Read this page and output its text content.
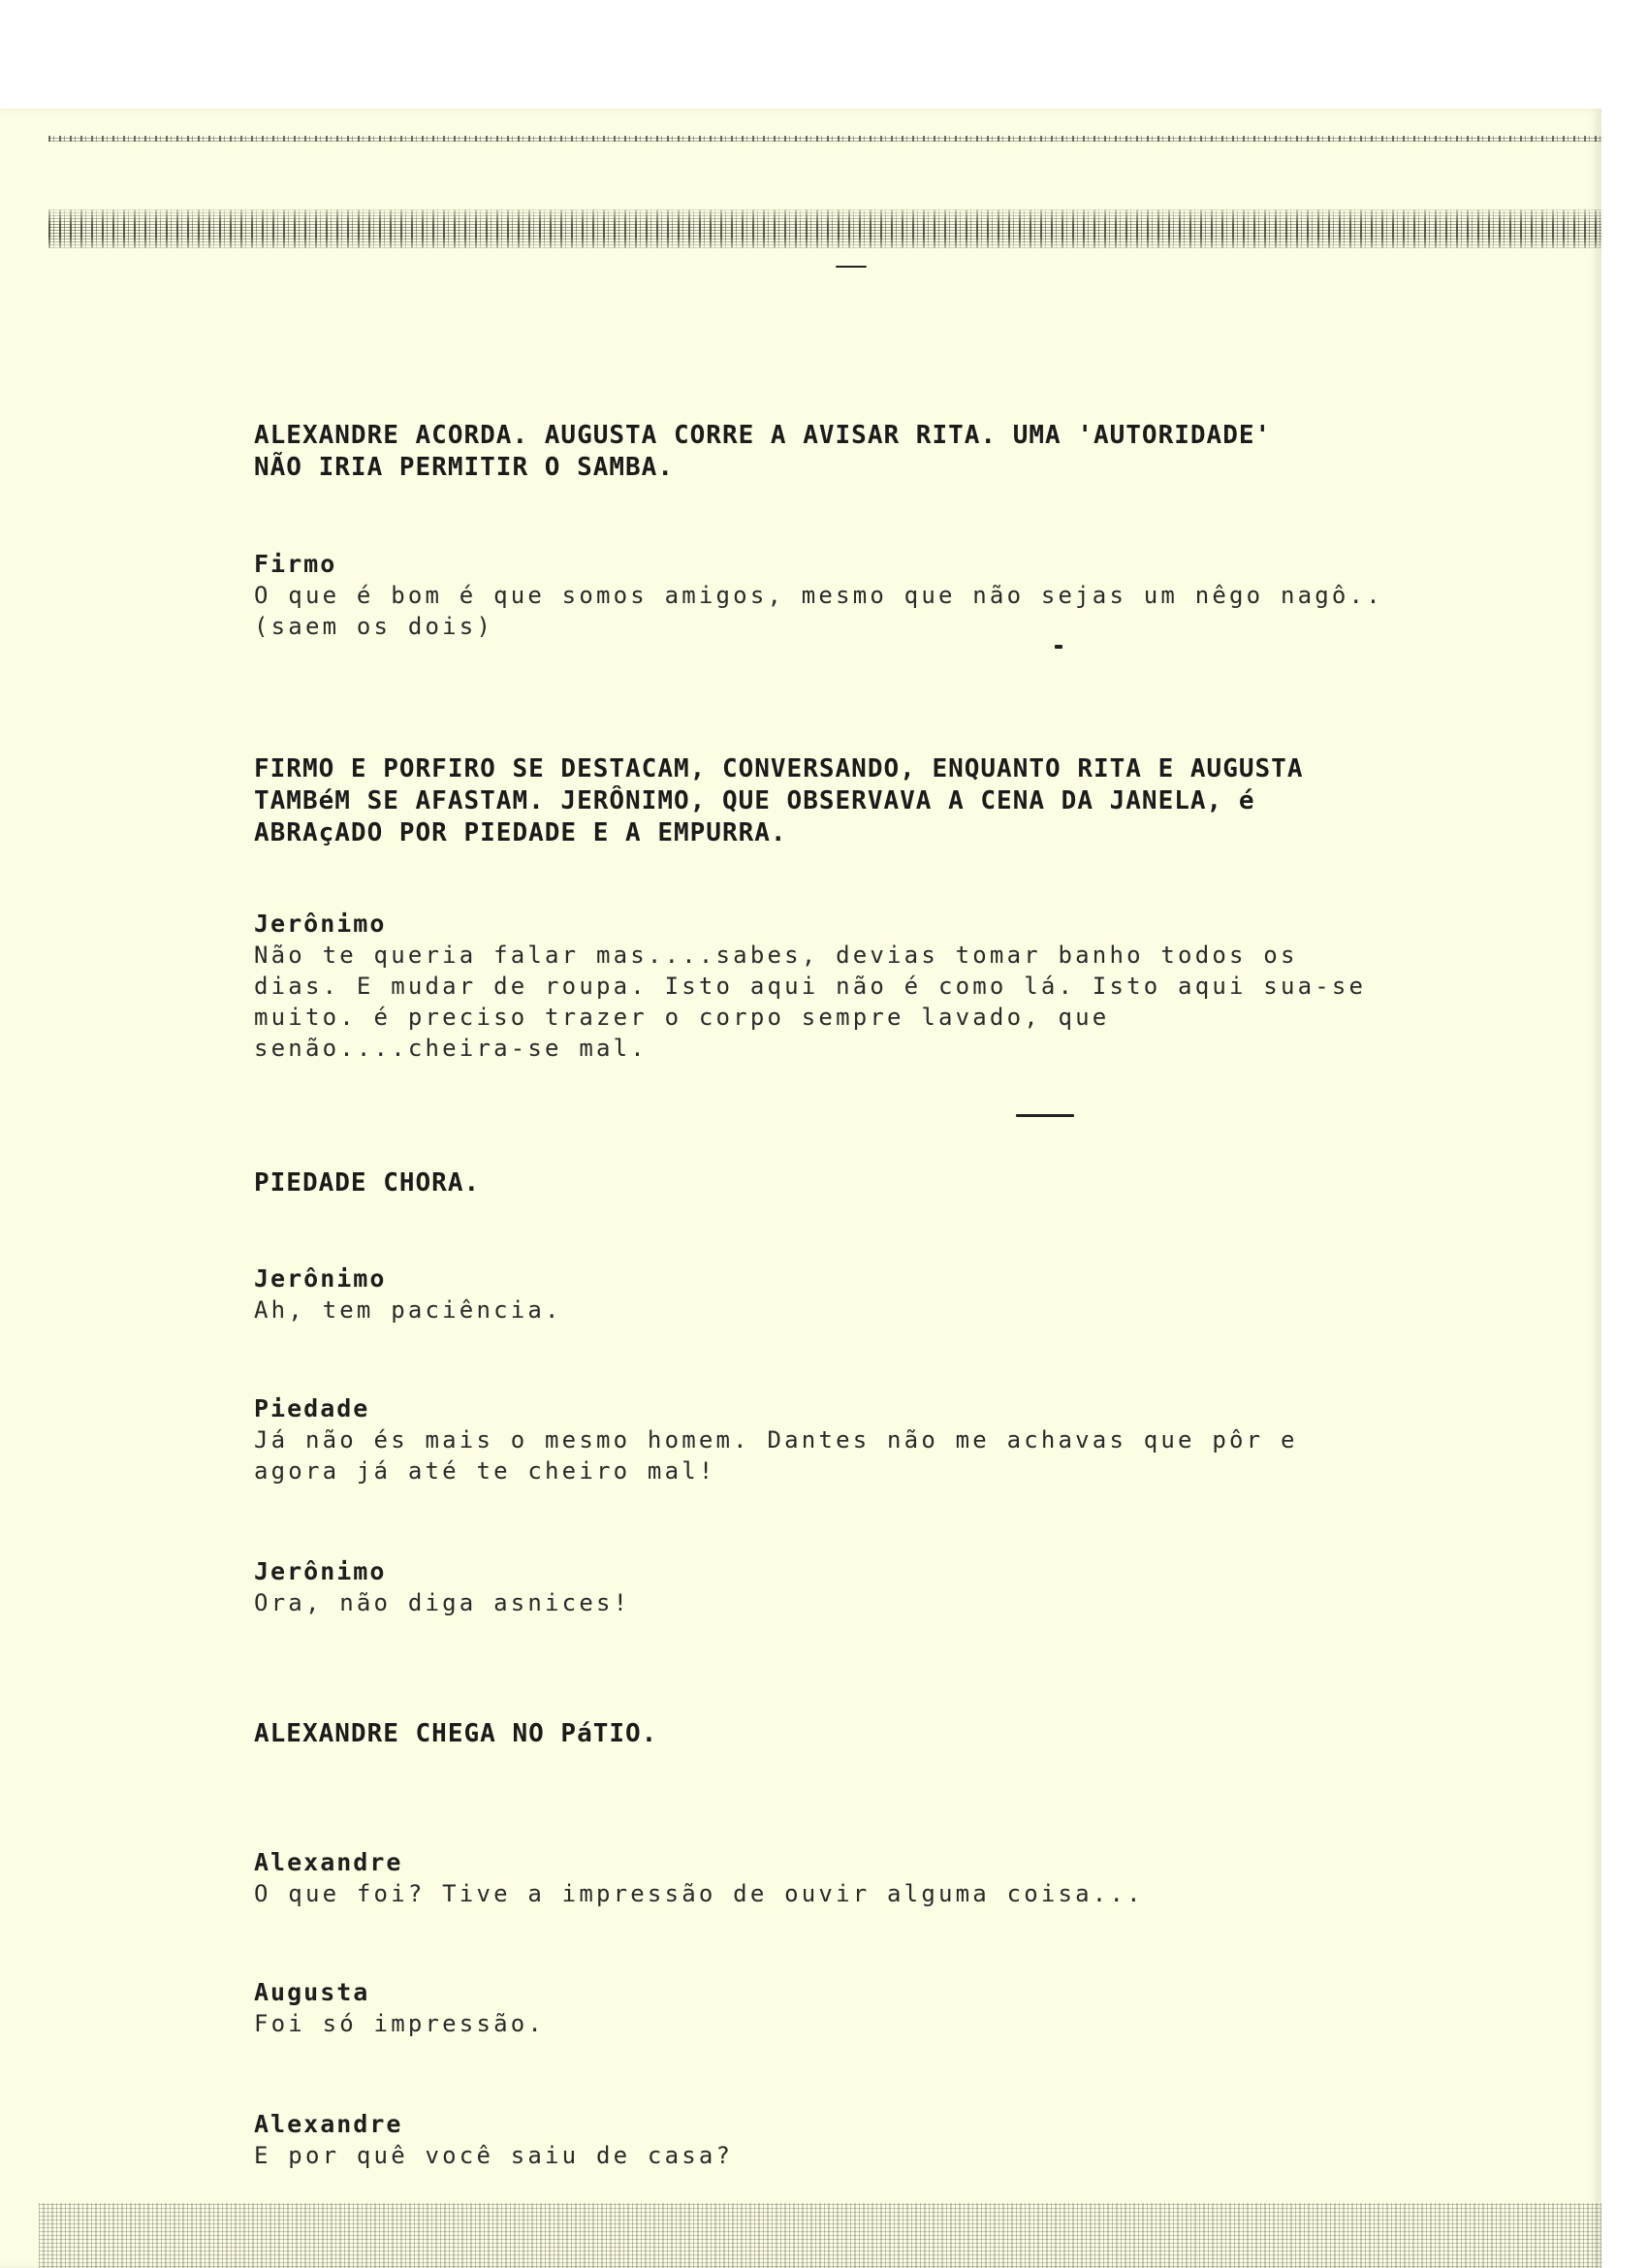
ALEXANDRE ACORDA. AUGUSTA CORRE A AVISAR RITA. UMA 'AUTORIDADE'
NÃO IRIA PERMITIR O SAMBA.
Firmo
O que é bom é que somos amigos, mesmo que não sejas um nêgo nagô..
(saem os dois)
FIRMO E PORFIRO SE DESTACAM, CONVERSANDO, ENQUANTO RITA E AUGUSTA
TAMBéM SE AFASTAM. JERÔNIMO, QUE OBSERVAVA A CENA DA JANELA, é
ABRAçADO POR PIEDADE E A EMPURRA.
Jerônimo
Não te queria falar mas....sabes, devias tomar banho todos os
dias. E mudar de roupa. Isto aqui não é como lá. Isto aqui sua-se
muito. é preciso trazer o corpo sempre lavado, que
senão....cheira-se mal.
PIEDADE CHORA.
Jerônimo
Ah, tem paciência.
Piedade
Já não és mais o mesmo homem. Dantes não me achavas que pôr e
agora já até te cheiro mal!
Jerônimo
Ora, não diga asnices!
ALEXANDRE CHEGA NO PáTIO.
Alexandre
O que foi? Tive a impressão de ouvir alguma coisa...
Augusta
Foi só impressão.
Alexandre
E por quê você saiu de casa?
